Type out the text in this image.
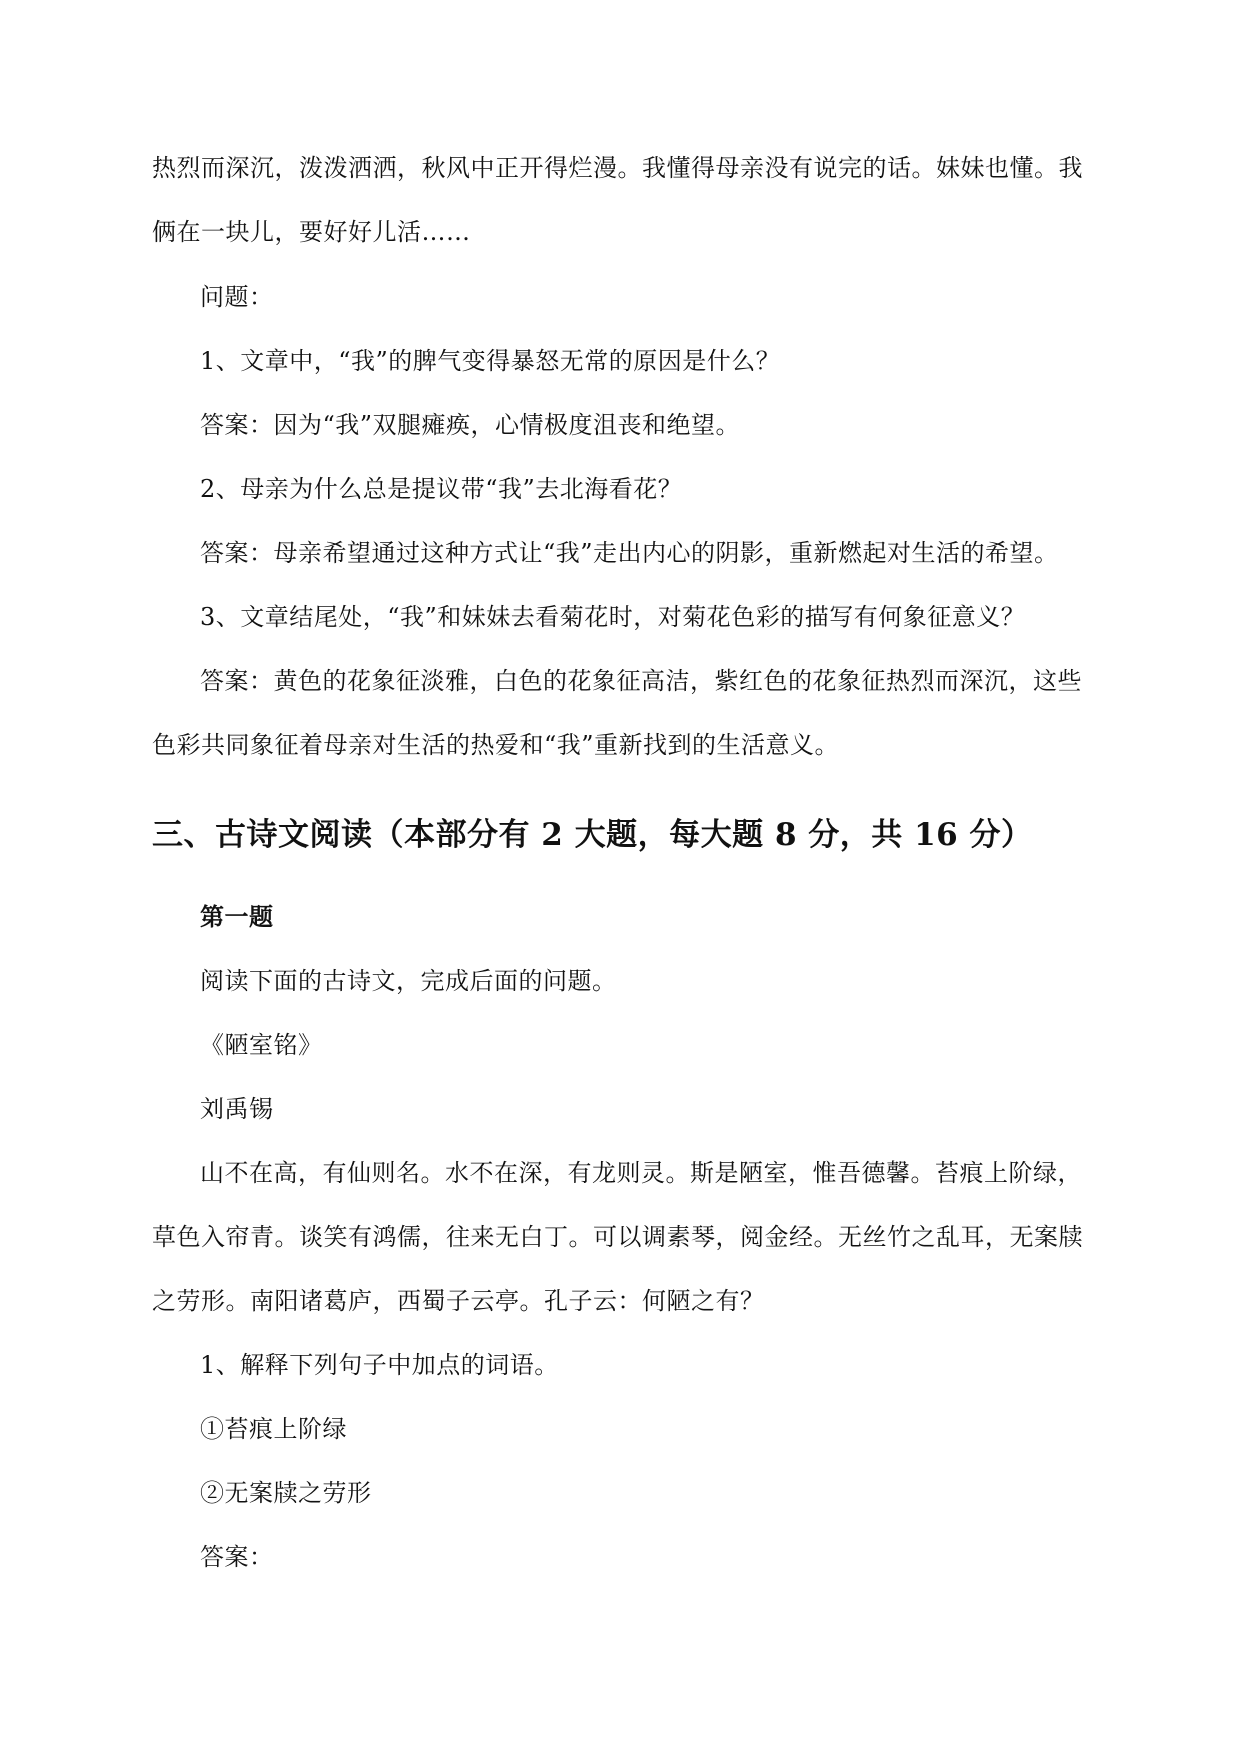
热烈而深沉，泼泼洒洒，秋风中正开得烂漫。我懂得母亲没有说完的话。妹妹也懂。我
俩在一块儿，要好好儿活……
问题：
1、文章中，“我”的脾气变得暴怒无常的原因是什么？
答案：因为“我”双腿瘫痪，心情极度沮丧和绝望。
2、母亲为什么总是提议带“我”去北海看花？
答案：母亲希望通过这种方式让“我”走出内心的阴影，重新燃起对生活的希望。
3、文章结尾处，“我”和妹妹去看菊花时，对菊花色彩的描写有何象征意义？
答案：黄色的花象征淡雅，白色的花象征高洁，紫红色的花象征热烈而深沉，这些
色彩共同象征着母亲对生活的热爱和“我”重新找到的生活意义。
三、古诗文阅读（本部分有 2 大题，每大题 8 分，共 16 分）
第一题
阅读下面的古诗文，完成后面的问题。
《陋室铭》
刘禹锡
山不在高，有仙则名。水不在深，有龙则灵。斯是陋室，惟吾德馨。苔痕上阶绿，
草色入帘青。谈笑有鸿儒，往来无白丁。可以调素琴，阅金经。无丝竹之乱耳，无案牍
之劳形。南阳诸葛庐，西蜀子云亭。孔子云：何陋之有？
1、解释下列句子中加点的词语。
①苔痕上阶绿
②无案牍之劳形
答案：
